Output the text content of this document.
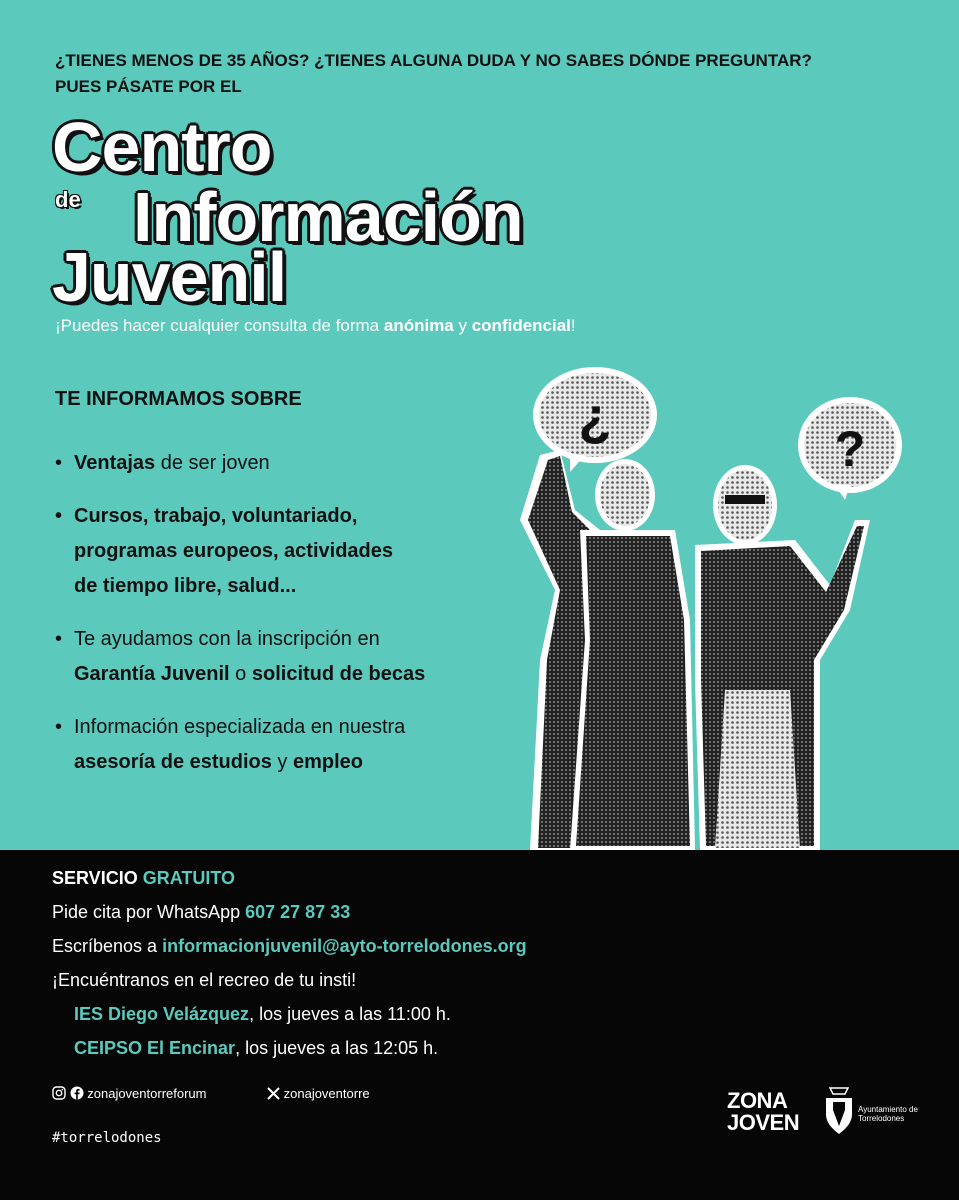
¿TIENES MENOS DE 35 AÑOS? ¿TIENES ALGUNA DUDA Y NO SABES DÓNDE PREGUNTAR?
PUES PÁSATE POR EL
Centro
de Información
Juvenil
¡Puedes hacer cualquier consulta de forma anónima y confidencial!
TE INFORMAMOS SOBRE
• Ventajas de ser joven
• Cursos, trabajo, voluntariado,
programas europeos, actividades
de tiempo libre, salud...
• Te ayudamos con la inscripción en
Garantía Juvenil o solicitud de becas
• Información especializada en nuestra
asesoría de estudios y empleo
¿
?
SERVICIO GRATUITO
Pide cita por WhatsApp 607 27 87 33
Escríbenos a informacionjuvenil@ayto-torrelodones.org
¡Encuéntranos en el recreo de tu insti!
IES Diego Velázquez, los jueves a las 11:00 h.
CEIPSO El Encinar, los jueves a las 12:05 h.
zonajoventorreforum	zonajoventorre
#torrelodones
ZONA
JOVEN
Ayuntamiento de
Torrelodones
